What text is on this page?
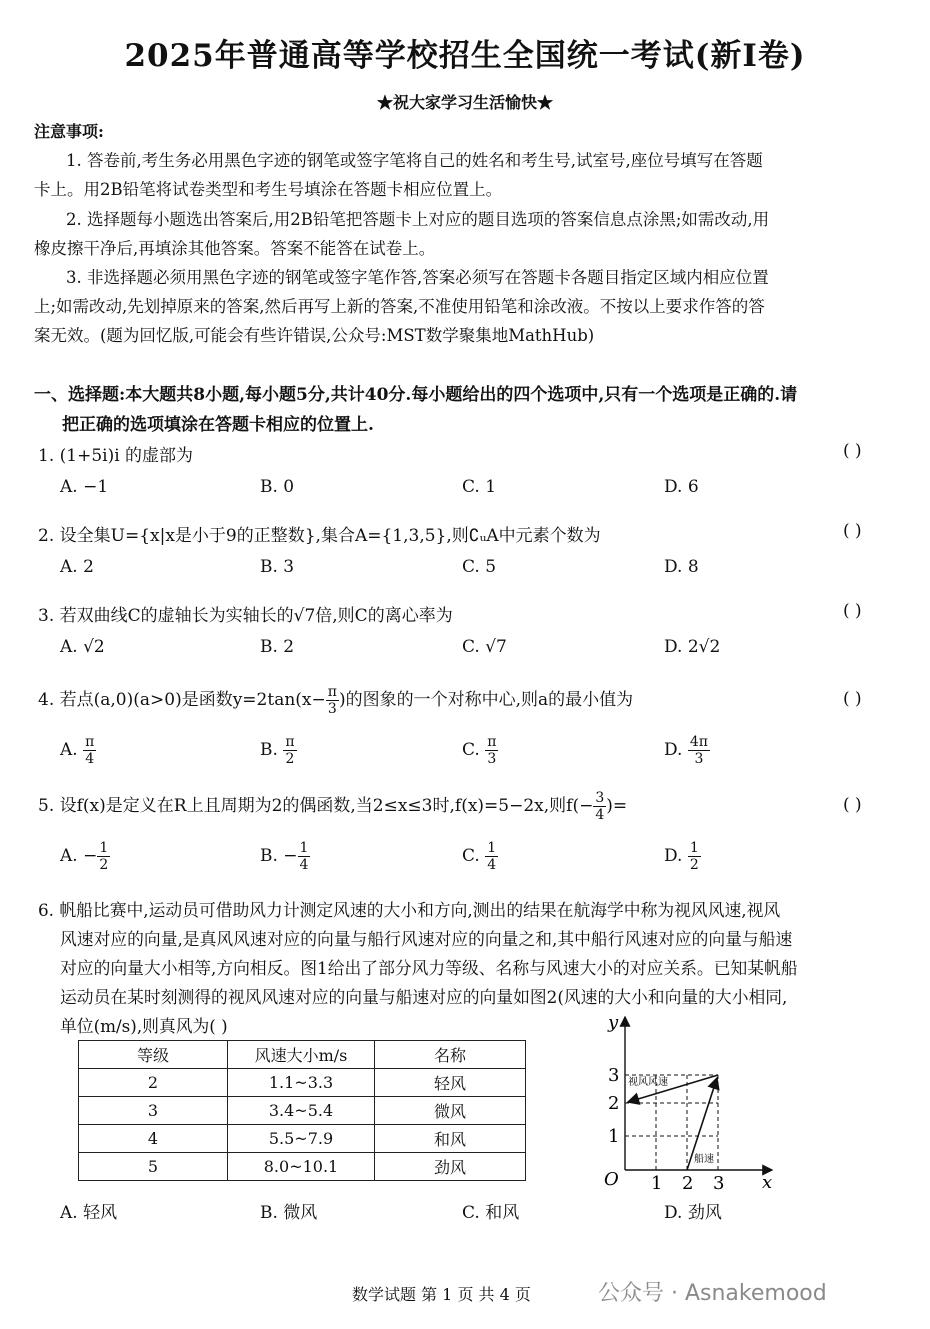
2025年普通高等学校招生全国统一考试(新I卷)
★祝大家学习生活愉快★
注意事项:
1. 答卷前,考生务必用黑色字迹的钢笔或签字笔将自己的姓名和考生号,试室号,座位号填写在答题
卡上。用2B铅笔将试卷类型和考生号填涂在答题卡相应位置上。
2. 选择题每小题选出答案后,用2B铅笔把答题卡上对应的题目选项的答案信息点涂黑;如需改动,用
橡皮擦干净后,再填涂其他答案。答案不能答在试卷上。
3. 非选择题必须用黑色字迹的钢笔或签字笔作答,答案必须写在答题卡各题目指定区域内相应位置
上;如需改动,先划掉原来的答案,然后再写上新的答案,不准使用铅笔和涂改液。不按以上要求作答的答
案无效。(题为回忆版,可能会有些许错误,公众号:MST数学聚集地MathHub)
一、选择题:本大题共8小题,每小题5分,共计40分.每小题给出的四个选项中,只有一个选项是正确的.请
把正确的选项填涂在答题卡相应的位置上.
1. (1+5i)i 的虚部为	( )
A. −1	B. 0	C. 1	D. 6
2. 设全集U={x|x是小于9的正整数},集合A={1,3,5},则∁ᵤA中元素个数为	( )
A. 2	B. 3	C. 5	D. 8
3. 若双曲线C的虚轴长为实轴长的√7倍,则C的离心率为	( )
A. √2	B. 2	C. √7	D. 2√2
4. 若点(a,0)(a>0)是函数$y=2\tan(x- \frac{\pi}{3}$ )的图象的一个对称中心,则a的最小值为	( )
A. $\frac{\pi}{4}$	B. $\frac{\pi}{2}$	C. $\frac{\pi}{3}$	D. $\frac{4\pi}{3}$
5. 设f(x)是定义在R上且周期为2的偶函数,当2≤x≤3时,f(x)=5−2x,则$f(- \frac{3}{4}$ )=	( )
A. − $\frac{1}{2}$	B. − $\frac{1}{4}$	C. $\frac{1}{4}$	D. $\frac{1}{2}$
6. 帆船比赛中,运动员可借助风力计测定风速的大小和方向,测出的结果在航海学中称为视风风速,视风
风速对应的向量,是真风风速对应的向量与船行风速对应的向量之和,其中船行风速对应的向量与船速
对应的向量大小相等,方向相反。图1给出了部分风力等级、名称与风速大小的对应关系。已知某帆船
运动员在某时刻测得的视风风速对应的向量与船速对应的向量如图2(风速的大小和向量的大小相同,
单位(m/s),则真风为( )
等级	风速大小m/s	名称
2	1.1~3.3	轻风
3	3.4~5.4	微风
4	5.5~7.9	和风
5	8.0~10.1	劲风
视风风速
船速
y
x
O
1
2
3
1 2 3
A. 轻风	B. 微风	C. 和风	D. 劲风
数学试题 第 1 页 共 4 页	公众号 · Asnakemood
